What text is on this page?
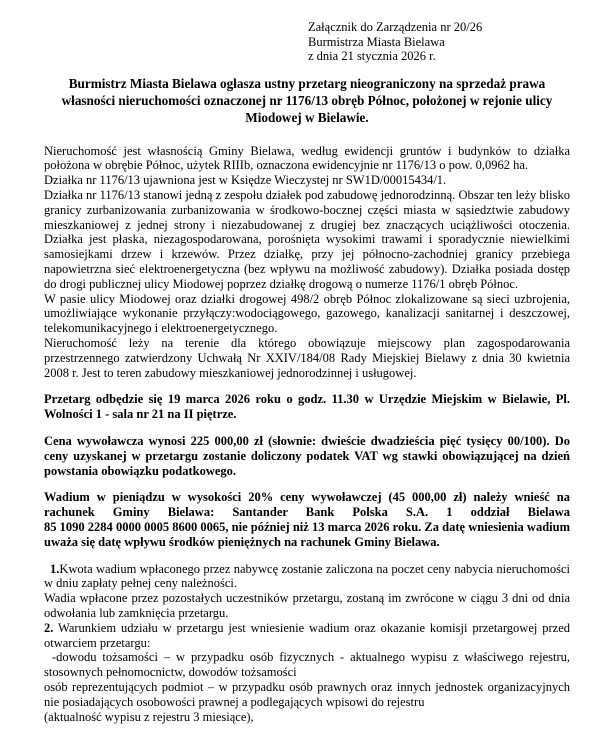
Załącznik do Zarządzenia nr 20/26
Burmistrza Miasta Bielawa
z dnia 21 stycznia 2026 r.
Burmistrz Miasta Bielawa ogłasza ustny przetarg nieograniczony na sprzedaż prawa własności nieruchomości oznaczonej nr 1176/13 obręb Północ, położonej w rejonie ulicy Miodowej w Bielawie.

Nieruchomość jest własnością Gminy Bielawa, według ewidencji gruntów i budynków to działka położona w obrębie Północ, użytek RIIIb, oznaczona ewidencyjnie nr 1176/13 o pow. 0,0962 ha.

Działka nr 1176/13 ujawniona jest w Księdze Wieczystej nr SW1D/00015434/1.

Działka nr 1176/13 stanowi jedną z zespołu działek pod zabudowę jednorodzinną. Obszar ten leży blisko granicy zurbanizowania zurbanizowania w środkowo-bocznej części miasta w sąsiedztwie zabudowy mieszkaniowej z jednej strony i niezabudowanej z drugiej bez znaczących uciążliwości otoczenia. Działka jest płaska, niezagospodarowana, porośnięta wysokimi trawami i sporadycznie niewielkimi samosiejkami drzew i krzewów. Przez działkę, przy jej północno-zachodniej granicy przebiega napowietrzna sieć elektroenergetyczna (bez wpływu na możliwość zabudowy). Działka posiada dostęp do drogi publicznej ulicy Miodowej poprzez działkę drogową o numerze 1176/1 obręb Północ.

W pasie ulicy Miodowej oraz działki drogowej 498/2 obręb Północ zlokalizowane są sieci uzbrojenia, umożliwiające wykonanie przyłączy:wodociągowego, gazowego, kanalizacji sanitarnej i deszczowej, telekomunikacyjnego i elektroenergetycznego.

Nieruchomość leży na terenie dla którego obowiązuje miejscowy plan zagospodarowania przestrzennego zatwierdzony Uchwałą Nr XXIV/184/08 Rady Miejskiej Bielawy z dnia 30 kwietnia 2008 r. Jest to teren zabudowy mieszkaniowej jednorodzinnej i usługowej.

Przetarg odbędzie się 19 marca 2026 roku o godz. 11.30 w Urzędzie Miejskim w Bielawie, Pl. Wolności 1 - sala nr 21 na II piętrze.

Cena wywoławcza wynosi 225 000,00 zł (słownie: dwieście dwadzieścia pięć tysięcy 00/100). Do ceny uzyskanej w przetargu zostanie doliczony podatek VAT wg stawki obowiązującej na dzień powstania obowiązku podatkowego.

Wadium w pieniądzu w wysokości 20% ceny wywoławczej (45 000,00 zł) należy wnieść na rachunek Gminy Bielawa: Santander Bank Polska S.A. 1 oddział Bielawa 85 1090 2284 0000 0005 8600 0065, nie później niż 13 marca 2026 roku. Za datę wniesienia wadium uważa się datę wpływu środków pieniężnych na rachunek Gminy Bielawa.

1.Kwota wadium wpłaconego przez nabywcę zostanie zaliczona na poczet ceny nabycia nieruchomości w dniu zapłaty pełnej ceny należności.

Wadia wpłacone przez pozostałych uczestników przetargu, zostaną im zwrócone w ciągu 3 dni od dnia odwołania lub zamknięcia przetargu.

2. Warunkiem udziału w przetargu jest wniesienie wadium oraz okazanie komisji przetargowej przed otwarciem przetargu:

-dowodu tożsamości – w przypadku osób fizycznych - aktualnego wypisu z właściwego rejestru, stosownych pełnomocnictw, dowodów tożsamości

osób reprezentujących podmiot – w przypadku osób prawnych oraz innych jednostek organizacyjnych nie posiadających osobowości prawnej a podlegających wpisowi do rejestru

(aktualność wypisu z rejestru 3 miesiące),
